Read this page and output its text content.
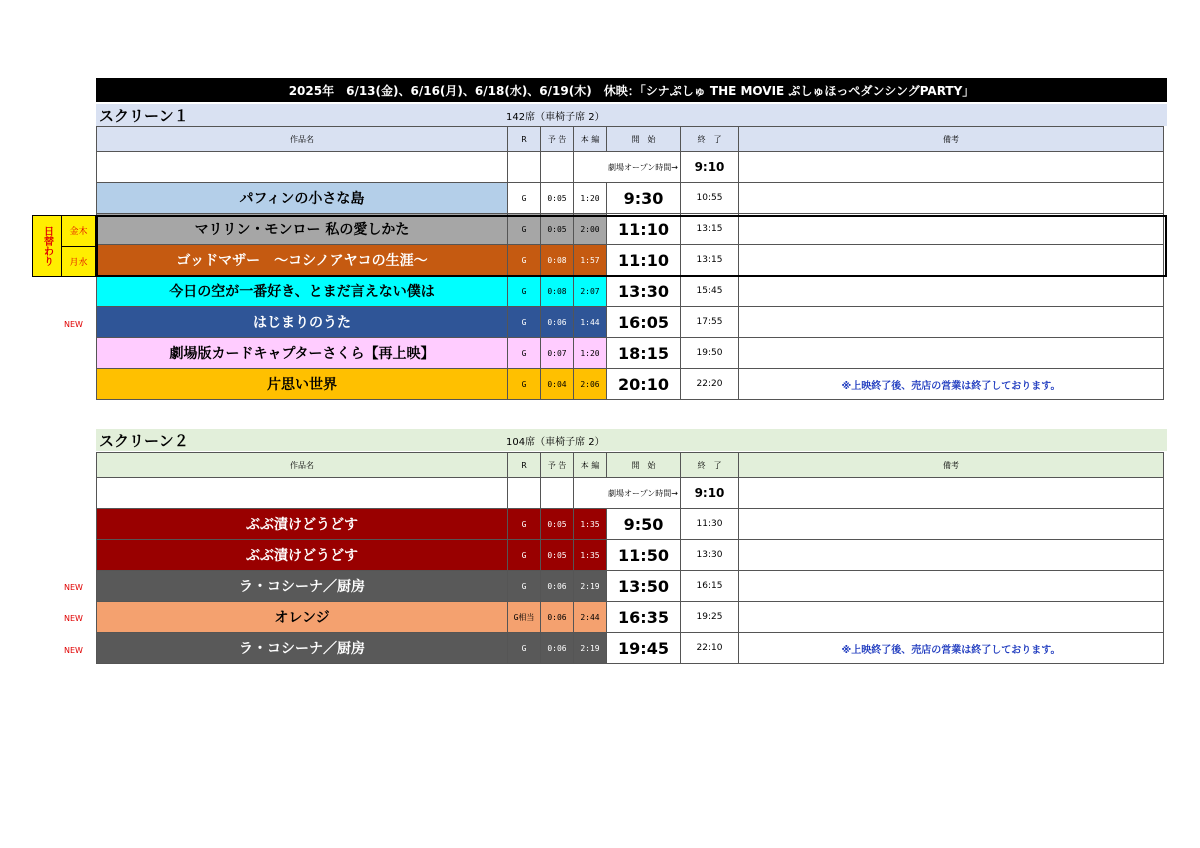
2025年　6/13(金)、6/16(月)、6/18(水)、6/19(木)　休映：「シナぷしゅ THE MOVIE ぷしゅほっぺダンシングPARTY」
スクリーン１	142席（車椅子席 2）
作品名	R	予 告	本 編	開　始	終　了	備考
			劇場オープン時間→		9:10	
パフィンの小さな島	G	0:05	1:20	9:30	10:55	
マリリン・モンロー 私の愛しかた	G	0:05	2:00	11:10	13:15	
ゴッドマザー　～コシノアヤコの生涯～	G	0:08	1:57	11:10	13:15	
今日の空が一番好き、とまだ言えない僕は	G	0:08	2:07	13:30	15:45	
はじまりのうた	G	0:06	1:44	16:05	17:55	
劇場版カードキャプターさくら【再上映】	G	0:07	1:20	18:15	19:50	
片思い世界	G	0:04	2:06	20:10	22:20	※上映終了後、売店の営業は終了しております。
スクリーン２	104席（車椅子席 2）
作品名	R	予 告	本 編	開　始	終　了	備考
			劇場オープン時間→		9:10	
ぶぶ漬けどうどす	G	0:05	1:35	9:50	11:30	
ぶぶ漬けどうどす	G	0:05	1:35	11:50	13:30	
ラ・コシーナ／厨房	G	0:06	2:19	13:50	16:15	
オレンジ	G相当	0:06	2:44	16:35	19:25	
ラ・コシーナ／厨房	G	0:06	2:19	19:45	22:10	※上映終了後、売店の営業は終了しております。
日替わり	金木
月水
NEW
NEW
NEW
NEW
